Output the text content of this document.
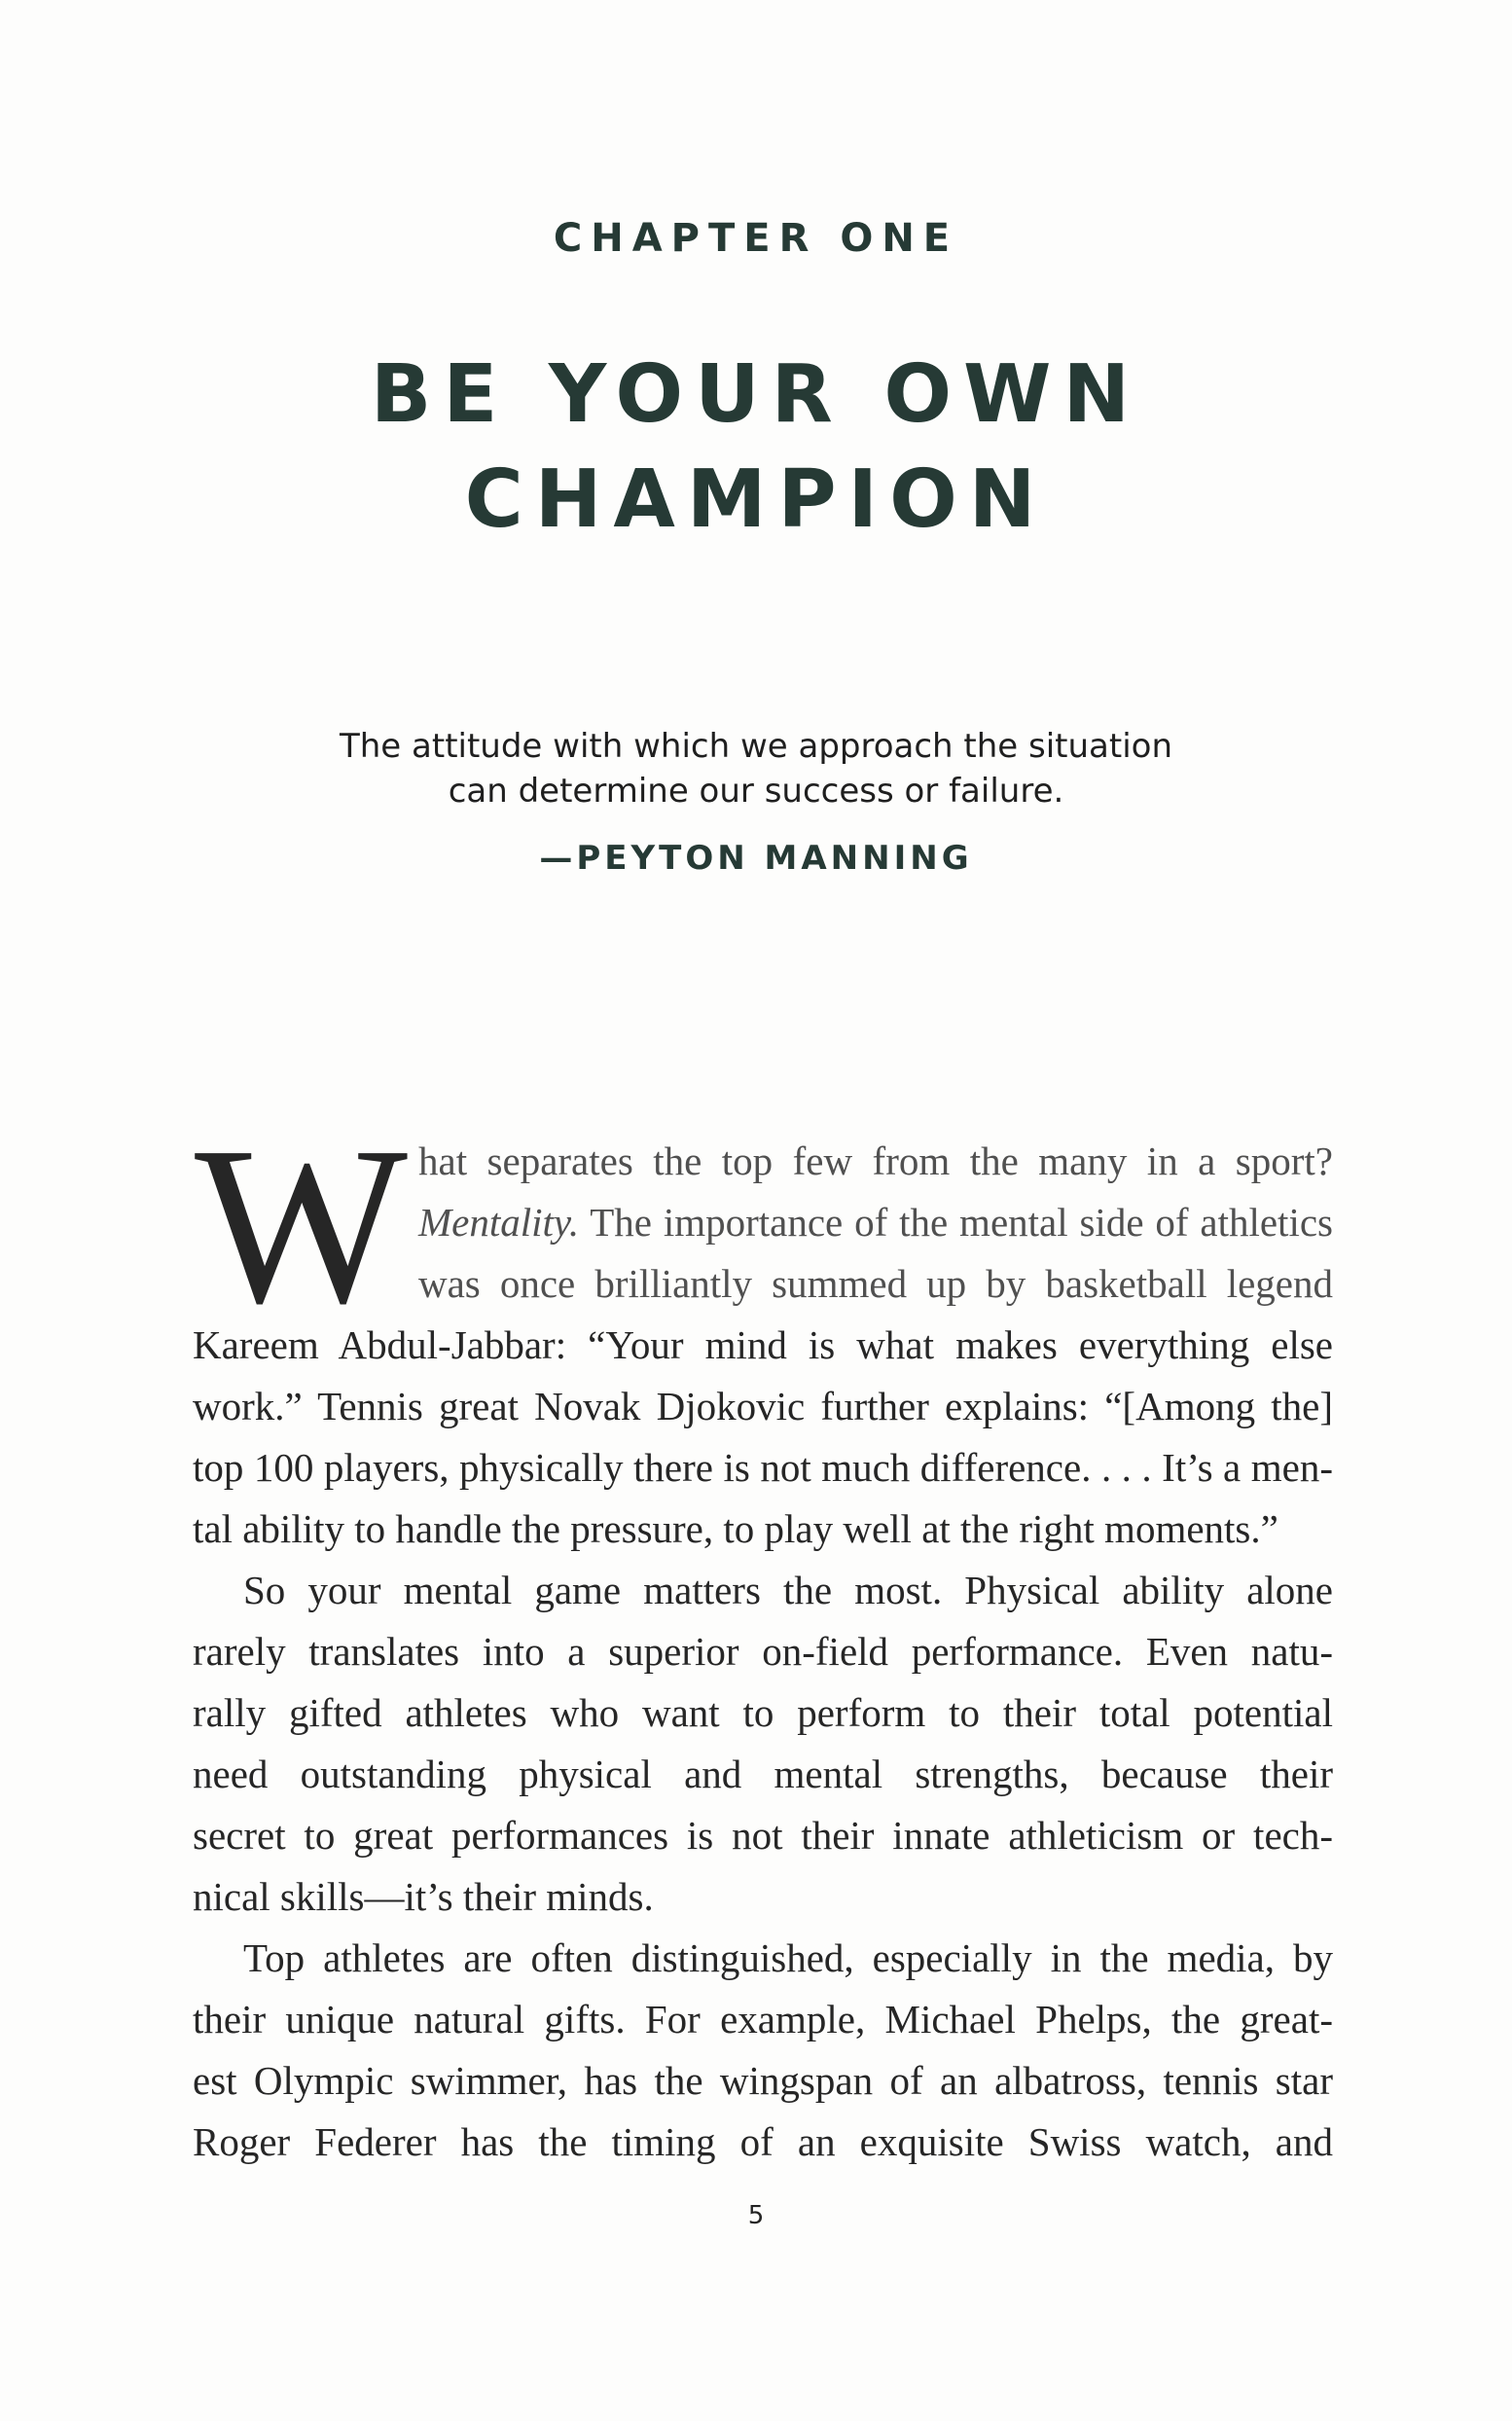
CHAPTER ONE
BE YOUR OWN
CHAMPION
The attitude with which we approach the situation
can determine our success or failure.
—PEYTON MANNING
W hat separates the top few from the many in a sport?
Mentality. The importance of the mental side of athletics
was once brilliantly summed up by basketball legend
Kareem Abdul-Jabbar: “Your mind is what makes everything else
work.” Tennis great Novak Djokovic further explains: “[Among the]
top 100 players, physically there is not much difference. . . . It’s a men-
tal ability to handle the pressure, to play well at the right moments.”
So your mental game matters the most. Physical ability alone
rarely translates into a superior on-field performance. Even natu-
rally gifted athletes who want to perform to their total potential
need outstanding physical and mental strengths, because their
secret to great performances is not their innate athleticism or tech-
nical skills—it’s their minds.
Top athletes are often distinguished, especially in the media, by
their unique natural gifts. For example, Michael Phelps, the great-
est Olympic swimmer, has the wingspan of an albatross, tennis star
Roger Federer has the timing of an exquisite Swiss watch, and
5
